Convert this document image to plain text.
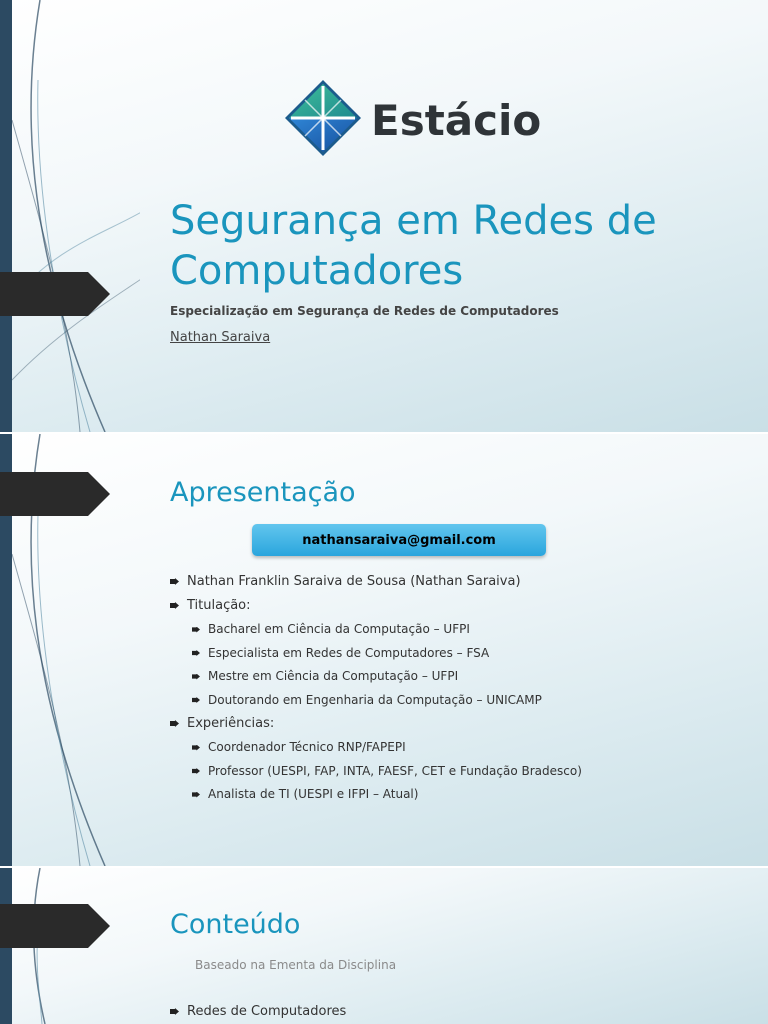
Estácio
Segurança em Redes de Computadores
Especialização em Segurança de Redes de Computadores
Nathan Saraiva
Apresentação
nathansaraiva@gmail.com
Nathan Franklin Saraiva de Sousa (Nathan Saraiva)
Titulação:
Bacharel em Ciência da Computação – UFPI
Especialista em Redes de Computadores – FSA
Mestre em Ciência da Computação – UFPI
Doutorando em Engenharia da Computação – UNICAMP
Experiências:
Coordenador Técnico RNP/FAPEPI
Professor (UESPI, FAP, INTA, FAESF, CET e Fundação Bradesco)
Analista de TI (UESPI e IFPI – Atual)
Conteúdo
Baseado na Ementa da Disciplina
Redes de Computadores
